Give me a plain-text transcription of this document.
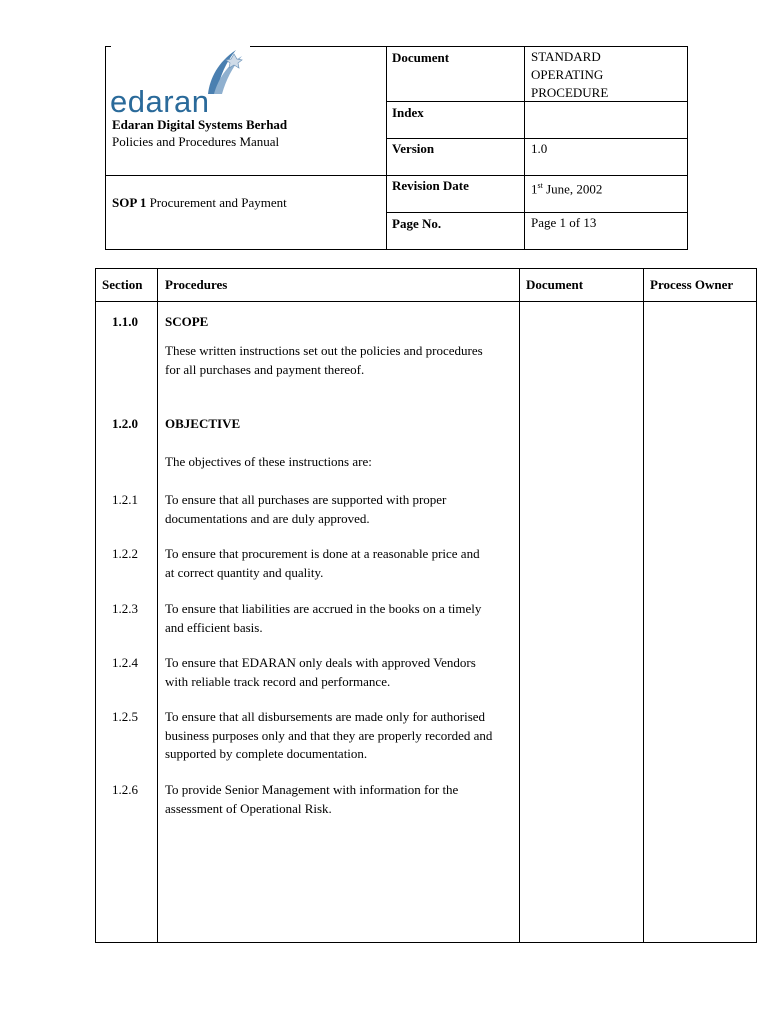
edaran
Edaran Digital Systems Berhad
Policies and Procedures Manual
SOP 1 Procurement and Payment
Document
Index
Version
Revision Date
Page No.
STANDARD
OPERATING
PROCEDURE
1.0
1st June, 2002
Page 1 of 13
Section Procedures	Document	Process Owner
1.1.0 SCOPE
These written instructions set out the policies and procedures
for all purchases and payment thereof.
1.2.0 OBJECTIVE
The objectives of these instructions are:
1.2.1 To ensure that all purchases are supported with proper
documentations and are duly approved.
1.2.2 To ensure that procurement is done at a reasonable price and
at correct quantity and quality.
1.2.3 To ensure that liabilities are accrued in the books on a timely
and efficient basis.
1.2.4 To ensure that EDARAN only deals with approved Vendors
with reliable track record and performance.
1.2.5 To ensure that all disbursements are made only for authorised
business purposes only and that they are properly recorded and
supported by complete documentation.
1.2.6 To provide Senior Management with information for the
assessment of Operational Risk.
